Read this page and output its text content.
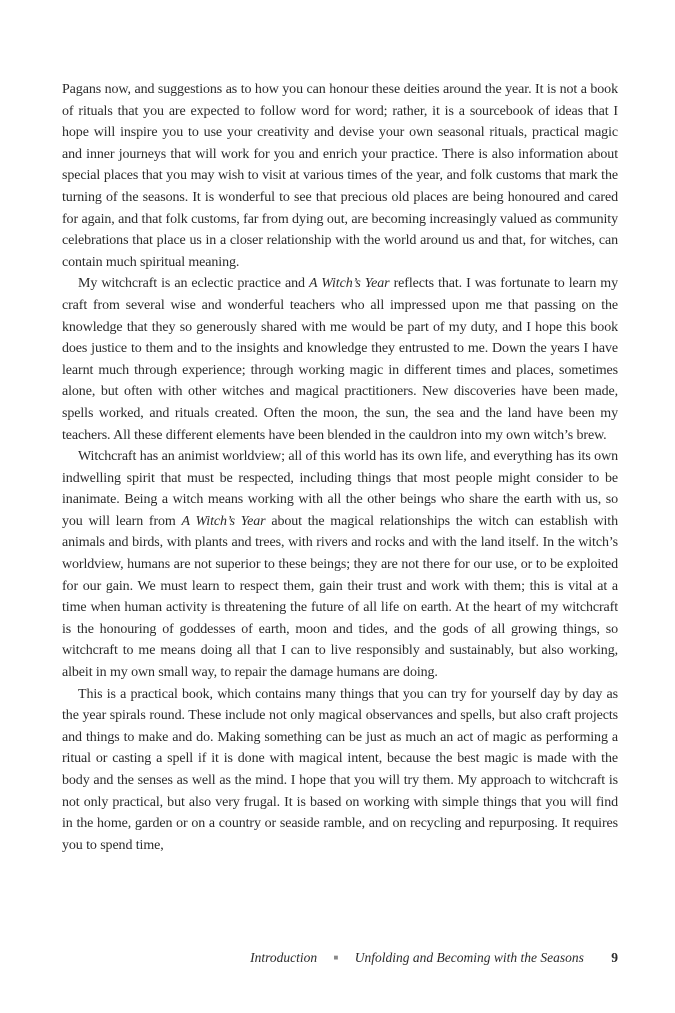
Pagans now, and suggestions as to how you can honour these deities around the year. It is not a book of rituals that you are expected to follow word for word; rather, it is a sourcebook of ideas that I hope will inspire you to use your creativity and devise your own seasonal rituals, practical magic and inner journeys that will work for you and enrich your practice. There is also information about special places that you may wish to visit at various times of the year, and folk customs that mark the turning of the seasons. It is wonderful to see that precious old places are being honoured and cared for again, and that folk customs, far from dying out, are becoming increasingly valued as community celebrations that place us in a closer relationship with the world around us and that, for witches, can contain much spiritual meaning.

My witchcraft is an eclectic practice and A Witch’s Year reflects that. I was fortunate to learn my craft from several wise and wonderful teachers who all impressed upon me that passing on the knowledge that they so generously shared with me would be part of my duty, and I hope this book does justice to them and to the insights and knowledge they entrusted to me. Down the years I have learnt much through experience; through working magic in different times and places, sometimes alone, but often with other witches and magical practitioners. New discoveries have been made, spells worked, and rituals created. Often the moon, the sun, the sea and the land have been my teachers. All these different elements have been blended in the cauldron into my own witch’s brew.

Witchcraft has an animist worldview; all of this world has its own life, and everything has its own indwelling spirit that must be respected, including things that most people might consider to be inanimate. Being a witch means working with all the other beings who share the earth with us, so you will learn from A Witch’s Year about the magical relationships the witch can establish with animals and birds, with plants and trees, with rivers and rocks and with the land itself. In the witch’s worldview, humans are not superior to these beings; they are not there for our use, or to be exploited for our gain. We must learn to respect them, gain their trust and work with them; this is vital at a time when human activity is threatening the future of all life on earth. At the heart of my witchcraft is the honouring of goddesses of earth, moon and tides, and the gods of all growing things, so witchcraft to me means doing all that I can to live responsibly and sustainably, but also working, albeit in my own small way, to repair the damage humans are doing.

This is a practical book, which contains many things that you can try for yourself day by day as the year spirals round. These include not only magical observances and spells, but also craft projects and things to make and do. Making something can be just as much an act of magic as performing a ritual or casting a spell if it is done with magical intent, because the best magic is made with the body and the senses as well as the mind. I hope that you will try them. My approach to witchcraft is not only practical, but also very frugal. It is based on working with simple things that you will find in the home, garden or on a country or seaside ramble, and on recycling and repurposing. It requires you to spend time,

Introduction ■ Unfolding and Becoming with the Seasons 9
